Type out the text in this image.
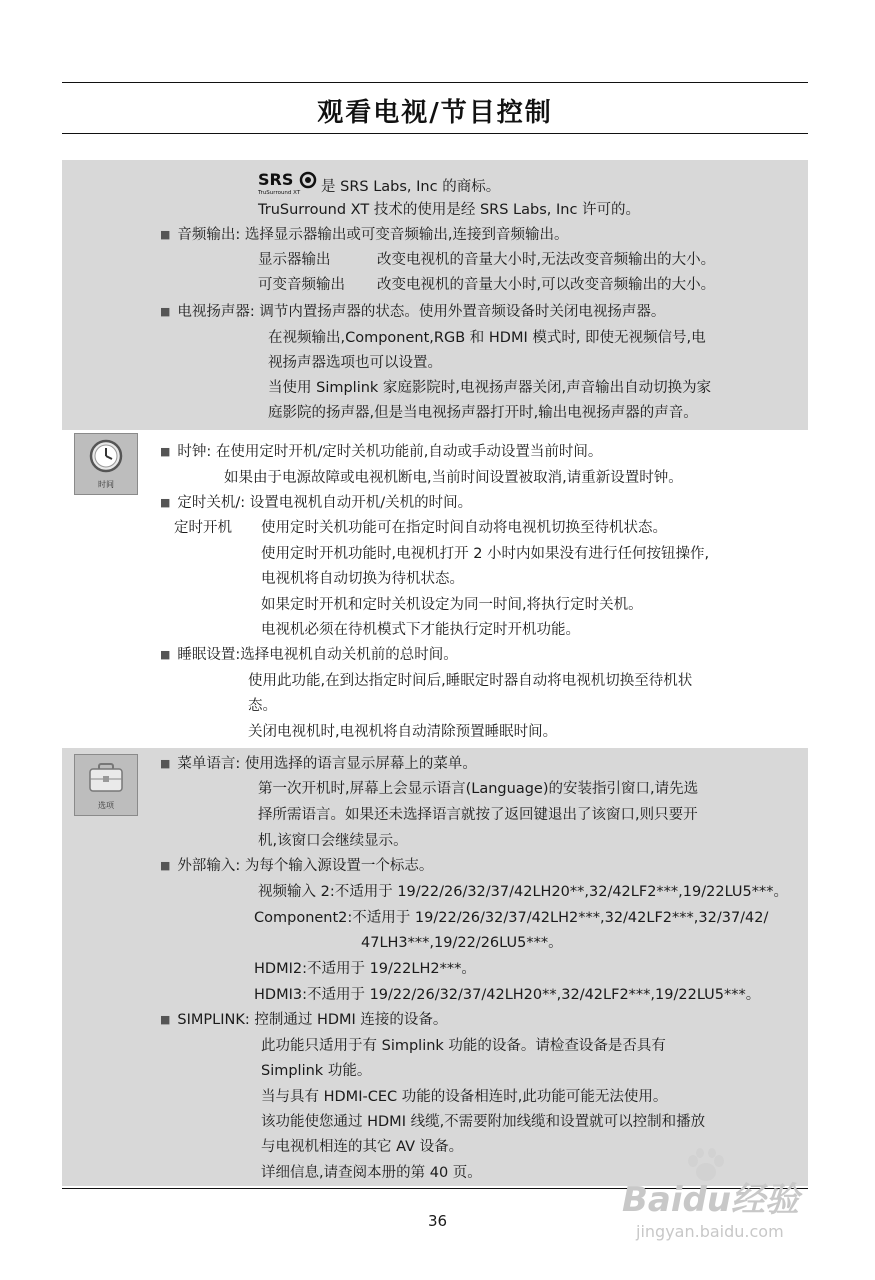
观看电视/节目控制
SRS
TruSurround XT 是 SRS Labs, Inc 的商标。
TruSurround XT 技术的使用是经 SRS Labs, Inc 许可的。
■ 音频输出: 选择显示器输出或可变音频输出,连接到音频输出。
显示器输出	改变电视机的音量大小时,无法改变音频输出的大小。
可变音频输出 改变电视机的音量大小时,可以改变音频输出的大小。
■ 电视扬声器: 调节内置扬声器的状态。使用外置音频设备时关闭电视扬声器。
在视频输出,Component,RGB 和 HDMI 模式时, 即使无视频信号,电
视扬声器选项也可以设置。
当使用 Simplink 家庭影院时,电视扬声器关闭,声音输出自动切换为家
庭影院的扬声器,但是当电视扬声器打开时,输出电视扬声器的声音。
时间
■ 时钟: 在使用定时开机/定时关机功能前,自动或手动设置当前时间。
如果由于电源故障或电视机断电,当前时间设置被取消,请重新设置时钟。
■ 定时关机/: 设置电视机自动开机/关机的时间。
定时开机 使用定时关机功能可在指定时间自动将电视机切换至待机状态。
使用定时开机功能时,电视机打开 2 小时内如果没有进行任何按钮操作,
电视机将自动切换为待机状态。
如果定时开机和定时关机设定为同一时间,将执行定时关机。
电视机必须在待机模式下才能执行定时开机功能。
■ 睡眠设置:选择电视机自动关机前的总时间。
使用此功能,在到达指定时间后,睡眠定时器自动将电视机切换至待机状
态。
关闭电视机时,电视机将自动清除预置睡眠时间。
选项
■ 菜单语言: 使用选择的语言显示屏幕上的菜单。
第一次开机时,屏幕上会显示语言(Language)的安装指引窗口,请先选
择所需语言。如果还未选择语言就按了返回键退出了该窗口,则只要开
机,该窗口会继续显示。
■ 外部输入: 为每个输入源设置一个标志。
视频输入 2:不适用于 19/22/26/32/37/42LH20**,32/42LF2***,19/22LU5***。
Component2:不适用于 19/22/26/32/37/42LH2***,32/42LF2***,32/37/42/
47LH3***,19/22/26LU5***。
HDMI2:不适用于 19/22LH2***。
HDMI3:不适用于 19/22/26/32/37/42LH20**,32/42LF2***,19/22LU5***。
■ SIMPLINK: 控制通过 HDMI 连接的设备。
此功能只适用于有 Simplink 功能的设备。请检查设备是否具有
Simplink 功能。
当与具有 HDMI-CEC 功能的设备相连时,此功能可能无法使用。
该功能使您通过 HDMI 线缆,不需要附加线缆和设置就可以控制和播放
与电视机相连的其它 AV 设备。
详细信息,请查阅本册的第 40 页。
36
Baidu经验
jingyan.baidu.com
